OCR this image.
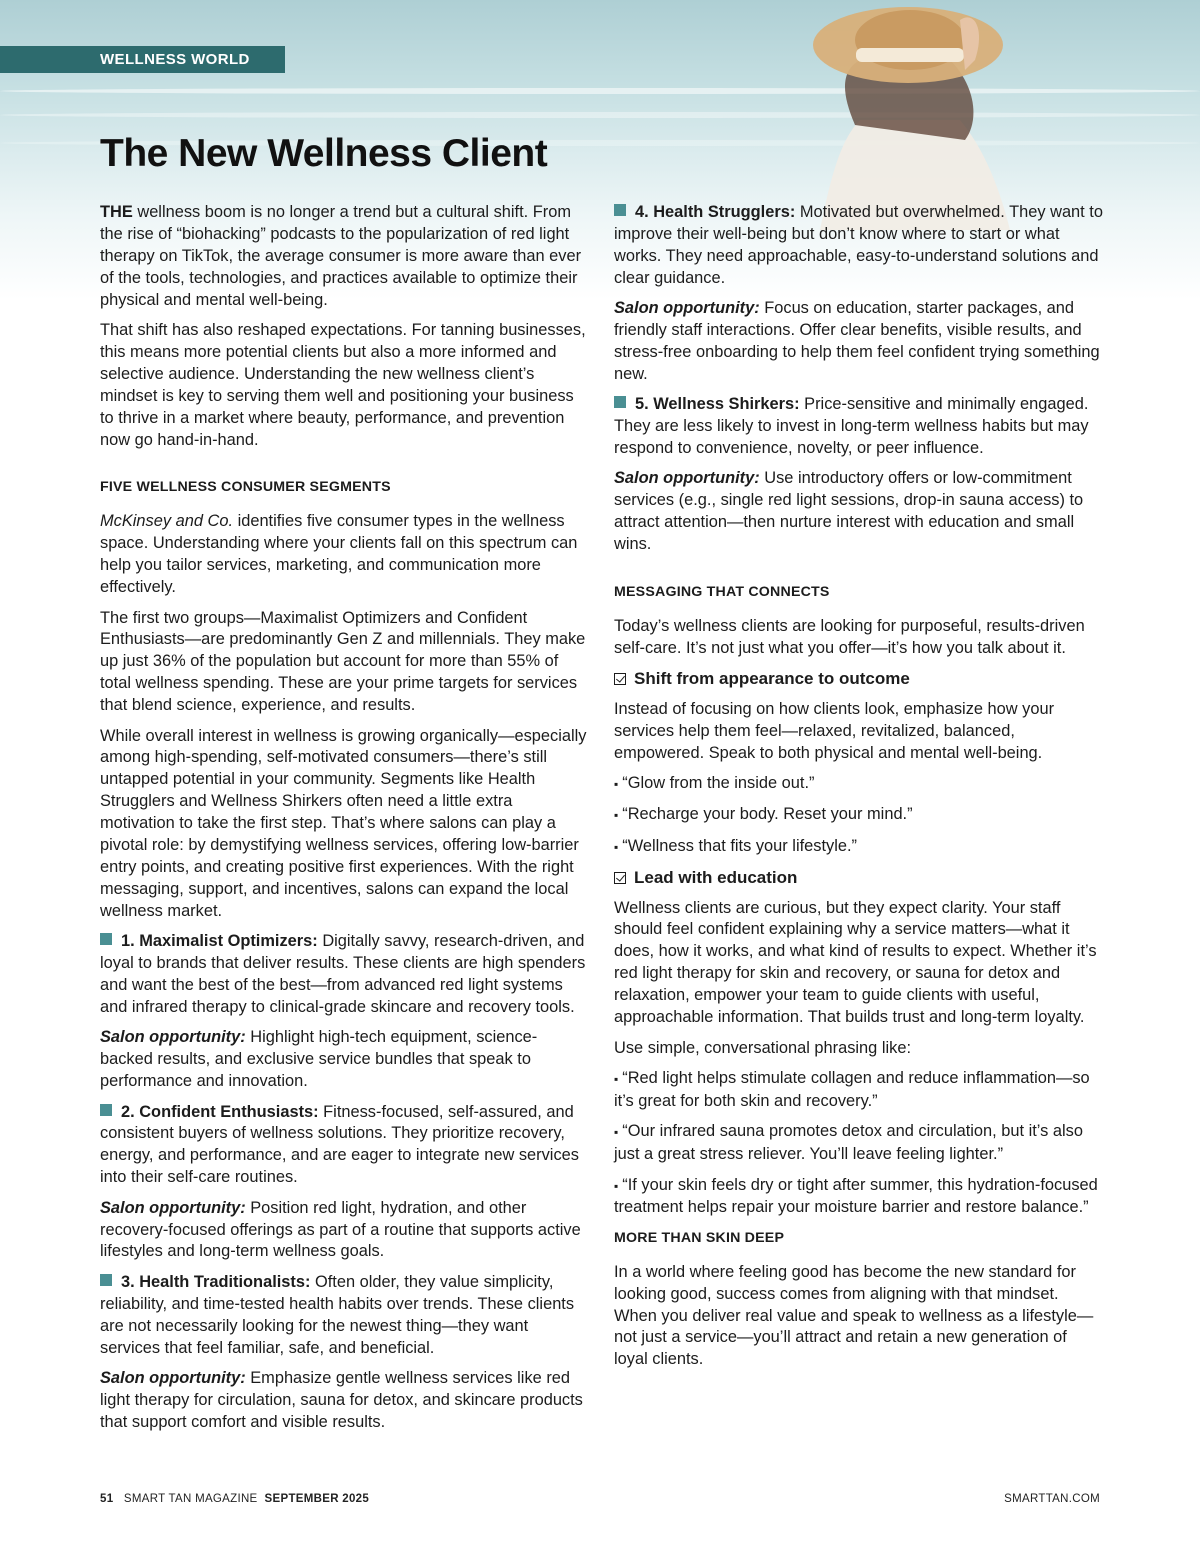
WELLNESS WORLD
The New Wellness Client

THE wellness boom is no longer a trend but a cultural shift. From the rise of “biohacking” podcasts to the popularization of red light therapy on TikTok, the average consumer is more aware than ever of the tools, technologies, and practices available to optimize their physical and mental well-being.

That shift has also reshaped expectations. For tanning businesses, this means more potential clients but also a more informed and selective audience. Understanding the new wellness client’s mindset is key to serving them well and positioning your business to thrive in a market where beauty, performance, and prevention now go hand-in-hand.

FIVE WELLNESS CONSUMER SEGMENTS

McKinsey and Co. identifies five consumer types in the wellness space. Understanding where your clients fall on this spectrum can help you tailor services, marketing, and communication more effectively.

The first two groups—Maximalist Optimizers and Confident Enthusiasts—are predominantly Gen Z and millennials. They make up just 36% of the population but account for more than 55% of total wellness spending. These are your prime targets for services that blend science, experience, and results.

While overall interest in wellness is growing organically—especially among high-spending, self-motivated consumers—there’s still untapped potential in your community. Segments like Health Strugglers and Wellness Shirkers often need a little extra motivation to take the first step. That’s where salons can play a pivotal role: by demystifying wellness services, offering low-barrier entry points, and creating positive first experiences. With the right messaging, support, and incentives, salons can expand the local wellness market.

1. Maximalist Optimizers: Digitally savvy, research-driven, and loyal to brands that deliver results. These clients are high spenders and want the best of the best—from advanced red light systems and infrared therapy to clinical-grade skincare and recovery tools.

Salon opportunity: Highlight high-tech equipment, science-backed results, and exclusive service bundles that speak to performance and innovation.

2. Confident Enthusiasts: Fitness-focused, self-assured, and consistent buyers of wellness solutions. They prioritize recovery, energy, and performance, and are eager to integrate new services into their self-care routines.

Salon opportunity: Position red light, hydration, and other recovery-focused offerings as part of a routine that supports active lifestyles and long-term wellness goals.

3. Health Traditionalists: Often older, they value simplicity, reliability, and time-tested health habits over trends. These clients are not necessarily looking for the newest thing—they want services that feel familiar, safe, and beneficial.

Salon opportunity: Emphasize gentle wellness services like red light therapy for circulation, sauna for detox, and skincare products that support comfort and visible results.

4. Health Strugglers: Motivated but overwhelmed. They want to improve their well-being but don’t know where to start or what works. They need approachable, easy-to-understand solutions and clear guidance.

Salon opportunity: Focus on education, starter packages, and friendly staff interactions. Offer clear benefits, visible results, and stress-free onboarding to help them feel confident trying something new.

5. Wellness Shirkers: Price-sensitive and minimally engaged. They are less likely to invest in long-term wellness habits but may respond to convenience, novelty, or peer influence.

Salon opportunity: Use introductory offers or low-commitment services (e.g., single red light sessions, drop-in sauna access) to attract attention—then nurture interest with education and small wins.

MESSAGING THAT CONNECTS

Today’s wellness clients are looking for purposeful, results-driven self-care. It’s not just what you offer—it’s how you talk about it.

Shift from appearance to outcome

Instead of focusing on how clients look, emphasize how your services help them feel—relaxed, revitalized, balanced, empowered. Speak to both physical and mental well-being.

▪ “Glow from the inside out.”

▪ “Recharge your body. Reset your mind.”

▪ “Wellness that fits your lifestyle.”

Lead with education

Wellness clients are curious, but they expect clarity. Your staff should feel confident explaining why a service matters—what it does, how it works, and what kind of results to expect. Whether it’s red light therapy for skin and recovery, or sauna for detox and relaxation, empower your team to guide clients with useful, approachable information. That builds trust and long-term loyalty.

Use simple, conversational phrasing like:

▪ “Red light helps stimulate collagen and reduce inflammation—so it’s great for both skin and recovery.”

▪ “Our infrared sauna promotes detox and circulation, but it’s also just a great stress reliever. You’ll leave feeling lighter.”

▪ “If your skin feels dry or tight after summer, this hydration-focused treatment helps repair your moisture barrier and restore balance.”

MORE THAN SKIN DEEP

In a world where feeling good has become the new standard for looking good, success comes from aligning with that mindset. When you deliver real value and speak to wellness as a lifestyle—not just a service—you’ll attract and retain a new generation of loyal clients.

51 SMART TAN MAGAZINE SEPTEMBER 2025	SMARTTAN.COM
